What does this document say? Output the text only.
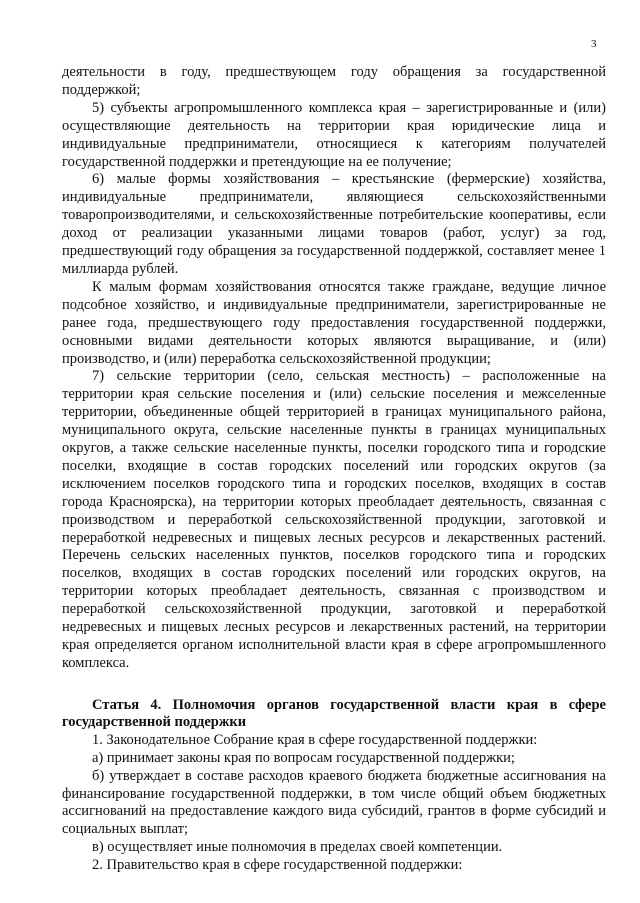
3

деятельности в году, предшествующем году обращения за государственной поддержкой;

5) субъекты агропромышленного комплекса края – зарегистрированные и (или) осуществляющие деятельность на территории края юридические лица и индивидуальные предприниматели, относящиеся к категориям получателей государственной поддержки и претендующие на ее получение;

6) малые формы хозяйствования – крестьянские (фермерские) хозяйства, индивидуальные предприниматели, являющиеся сельскохозяйственными товаропроизводителями, и сельскохозяйственные потребительские кооперативы, если доход от реализации указанными лицами товаров (работ, услуг) за год, предшествующий году обращения за государственной поддержкой, составляет менее 1 миллиарда рублей.

К малым формам хозяйствования относятся также граждане, ведущие личное подсобное хозяйство, и индивидуальные предприниматели, зарегистрированные не ранее года, предшествующего году предоставления государственной поддержки, основными видами деятельности которых являются выращивание, и (или) производство, и (или) переработка сельскохозяйственной продукции;

7) сельские территории (село, сельская местность) – расположенные на территории края сельские поселения и (или) сельские поселения и межселенные территории, объединенные общей территорией в границах муниципального района, муниципального округа, сельские населенные пункты в границах муниципальных округов, а также сельские населенные пункты, поселки городского типа и городские поселки, входящие в состав городских поселений или городских округов (за исключением поселков городского типа и городских поселков, входящих в состав города Красноярска), на территории которых преобладает деятельность, связанная с производством и переработкой сельскохозяйственной продукции, заготовкой и переработкой недревесных и пищевых лесных ресурсов и лекарственных растений. Перечень сельских населенных пунктов, поселков городского типа и городских поселков, входящих в состав городских поселений или городских округов, на территории которых преобладает деятельность, связанная с производством и переработкой сельскохозяйственной продукции, заготовкой и переработкой недревесных и пищевых лесных ресурсов и лекарственных растений, на территории края определяется органом исполнительной власти края в сфере агропромышленного комплекса.

Статья 4. Полномочия органов государственной власти края в сфере государственной поддержки

1. Законодательное Собрание края в сфере государственной поддержки:

а) принимает законы края по вопросам государственной поддержки;

б) утверждает в составе расходов краевого бюджета бюджетные ассигнования на финансирование государственной поддержки, в том числе общий объем бюджетных ассигнований на предоставление каждого вида субсидий, грантов в форме субсидий и социальных выплат;

в) осуществляет иные полномочия в пределах своей компетенции.

2. Правительство края в сфере государственной поддержки:
